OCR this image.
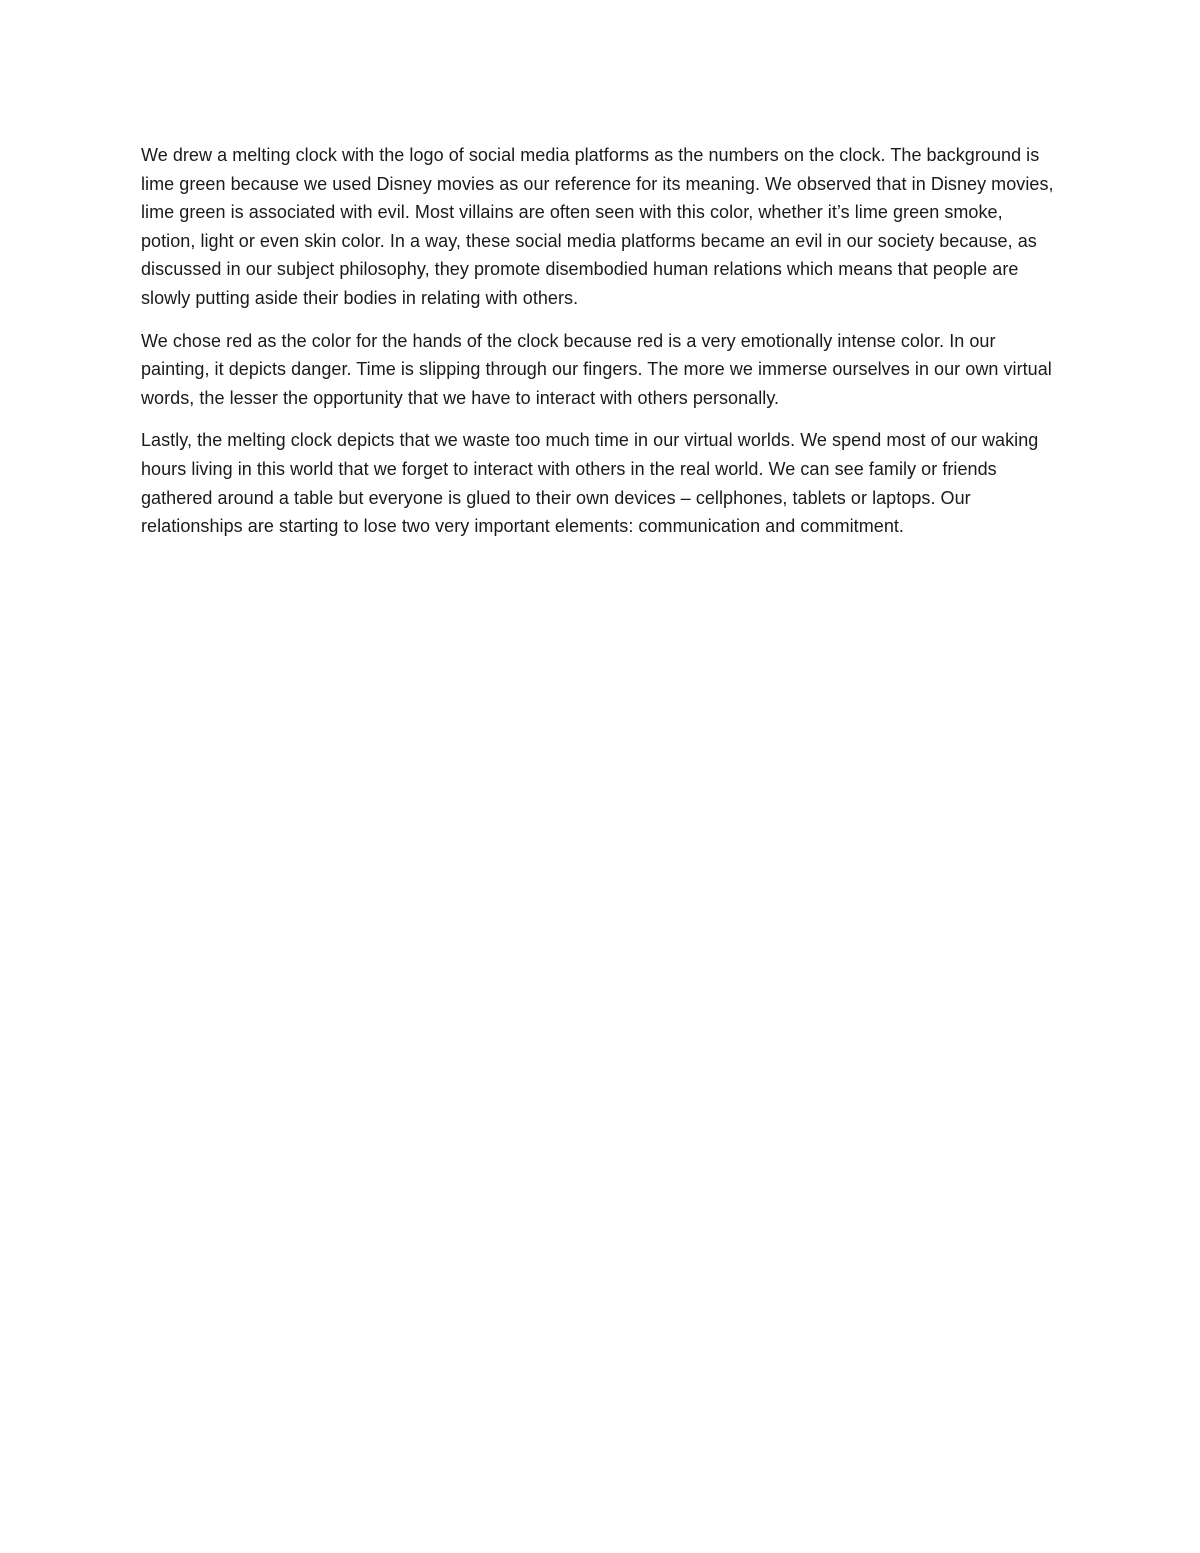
We drew a melting clock with the logo of social media platforms as the numbers on the clock. The background is lime green because we used Disney movies as our reference for its meaning. We observed that in Disney movies, lime green is associated with evil. Most villains are often seen with this color, whether it’s lime green smoke, potion, light or even skin color. In a way, these social media platforms became an evil in our society because, as discussed in our subject philosophy, they promote disembodied human relations which means that people are slowly putting aside their bodies in relating with others.

We chose red as the color for the hands of the clock because red is a very emotionally intense color. In our painting, it depicts danger. Time is slipping through our fingers. The more we immerse ourselves in our own virtual words, the lesser the opportunity that we have to interact with others personally.

Lastly, the melting clock depicts that we waste too much time in our virtual worlds. We spend most of our waking hours living in this world that we forget to interact with others in the real world. We can see family or friends gathered around a table but everyone is glued to their own devices – cellphones, tablets or laptops. Our relationships are starting to lose two very important elements: communication and commitment.
